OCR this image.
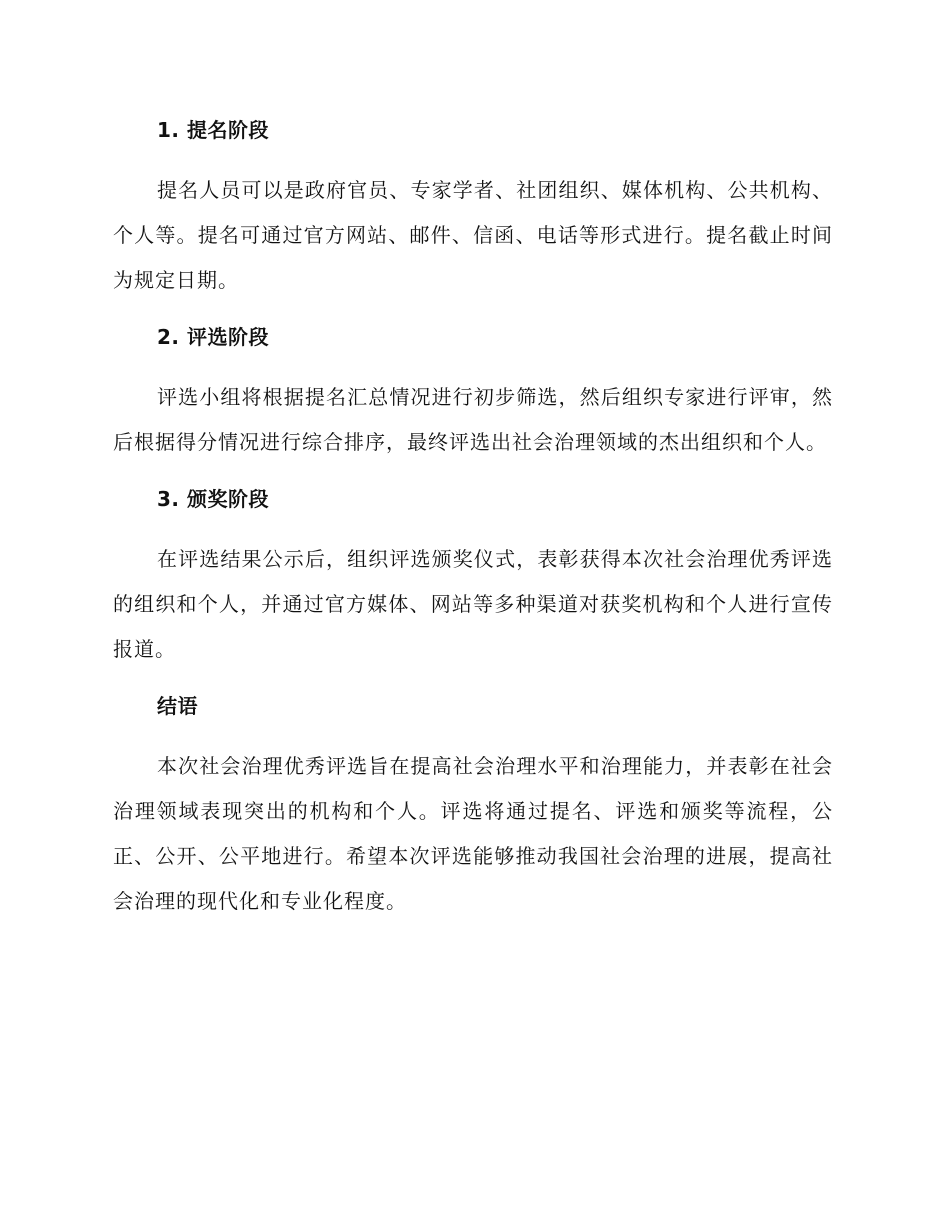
1. 提名阶段

提名人员可以是政府官员、专家学者、社团组织、媒体机构、公共机构、个人等。提名可通过官方网站、邮件、信函、电话等形式进行。提名截止时间为规定日期。

2. 评选阶段

评选小组将根据提名汇总情况进行初步筛选，然后组织专家进行评审，然后根据得分情况进行综合排序，最终评选出社会治理领域的杰出组织和个人。

3. 颁奖阶段

在评选结果公示后，组织评选颁奖仪式，表彰获得本次社会治理优秀评选的组织和个人，并通过官方媒体、网站等多种渠道对获奖机构和个人进行宣传报道。

结语

本次社会治理优秀评选旨在提高社会治理水平和治理能力，并表彰在社会治理领域表现突出的机构和个人。评选将通过提名、评选和颁奖等流程，公正、公开、公平地进行。希望本次评选能够推动我国社会治理的进展，提高社会治理的现代化和专业化程度。
